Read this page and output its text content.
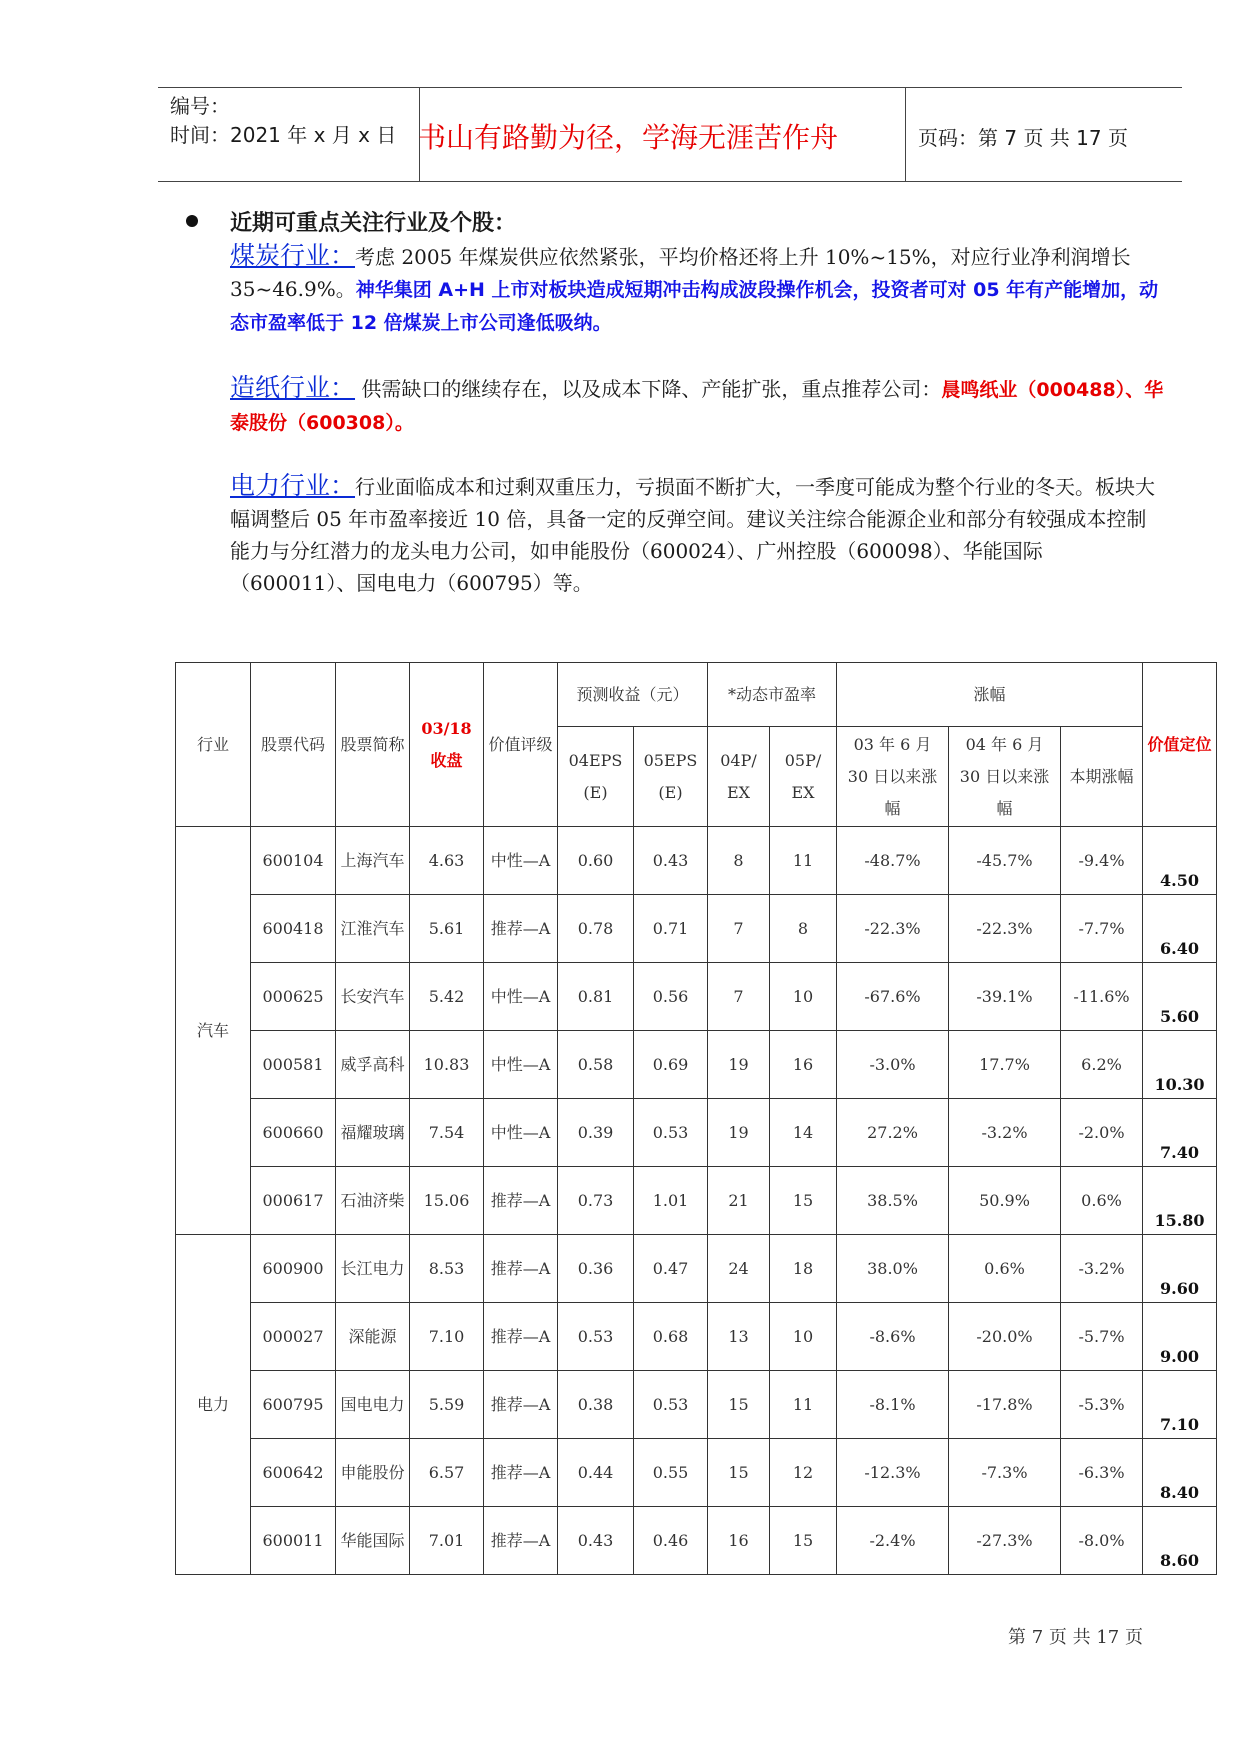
编号：
时间：2021 年 x 月 x 日 书山有路勤为径，学海无涯苦作舟	页码：第 7 页 共 17 页
近期可重点关注行业及个股：

煤炭行业：考虑 2005 年煤炭供应依然紧张，平均价格还将上升 10%~15%，对应行业净利润增长 35~46.9%。神华集团 A+H 上市对板块造成短期冲击构成波段操作机会，投资者可对 05 年有产能增加，动态市盈率低于 12 倍煤炭上市公司逢低吸纳。

造纸行业： 供需缺口的继续存在，以及成本下降、产能扩张，重点推荐公司：晨鸣纸业（000488）、华泰股份（600308）。

电力行业：行业面临成本和过剩双重压力，亏损面不断扩大，一季度可能成为整个行业的冬天。板块大幅调整后 05 年市盈率接近 10 倍，具备一定的反弹空间。建议关注综合能源企业和部分有较强成本控制能力与分红潜力的龙头电力公司，如申能股份（600024）、广州控股（600098）、华能国际（600011）、国电电力（600795）等。

行业	股票代码	股票简称	03/18 收盘	价值评级	预测收益（元）		*动态市盈率		涨幅			价值定位
					04EPS (E)	05EPS (E)	04P/ EX	05P/ EX	03 年 6 月 30 日以来涨幅	04 年 6 月 30 日以来涨幅	本期涨幅	
汽车	600104	上海汽车	4.63	中性—A	0.60	0.43	8	11	-48.7%	-45.7%	-9.4%	4.50
	600418	江淮汽车	5.61	推荐—A	0.78	0.71	7	8	-22.3%	-22.3%	-7.7%	6.40
	000625	长安汽车	5.42	中性—A	0.81	0.56	7	10	-67.6%	-39.1%	-11.6%	5.60
	000581	威孚高科	10.83	中性—A	0.58	0.69	19	16	-3.0%	17.7%	6.2%	10.30
	600660	福耀玻璃	7.54	中性—A	0.39	0.53	19	14	27.2%	-3.2%	-2.0%	7.40
	000617	石油济柴	15.06	推荐—A	0.73	1.01	21	15	38.5%	50.9%	0.6%	15.80
电力	600900	长江电力	8.53	推荐—A	0.36	0.47	24	18	38.0%	0.6%	-3.2%	9.60
	000027	深能源	7.10	推荐—A	0.53	0.68	13	10	-8.6%	-20.0%	-5.7%	9.00
	600795	国电电力	5.59	推荐—A	0.38	0.53	15	11	-8.1%	-17.8%	-5.3%	7.10
	600642	申能股份	6.57	推荐—A	0.44	0.55	15	12	-12.3%	-7.3%	-6.3%	8.40
	600011	华能国际	7.01	推荐—A	0.43	0.46	16	15	-2.4%	-27.3%	-8.0%	8.60
第 7 页 共 17 页
